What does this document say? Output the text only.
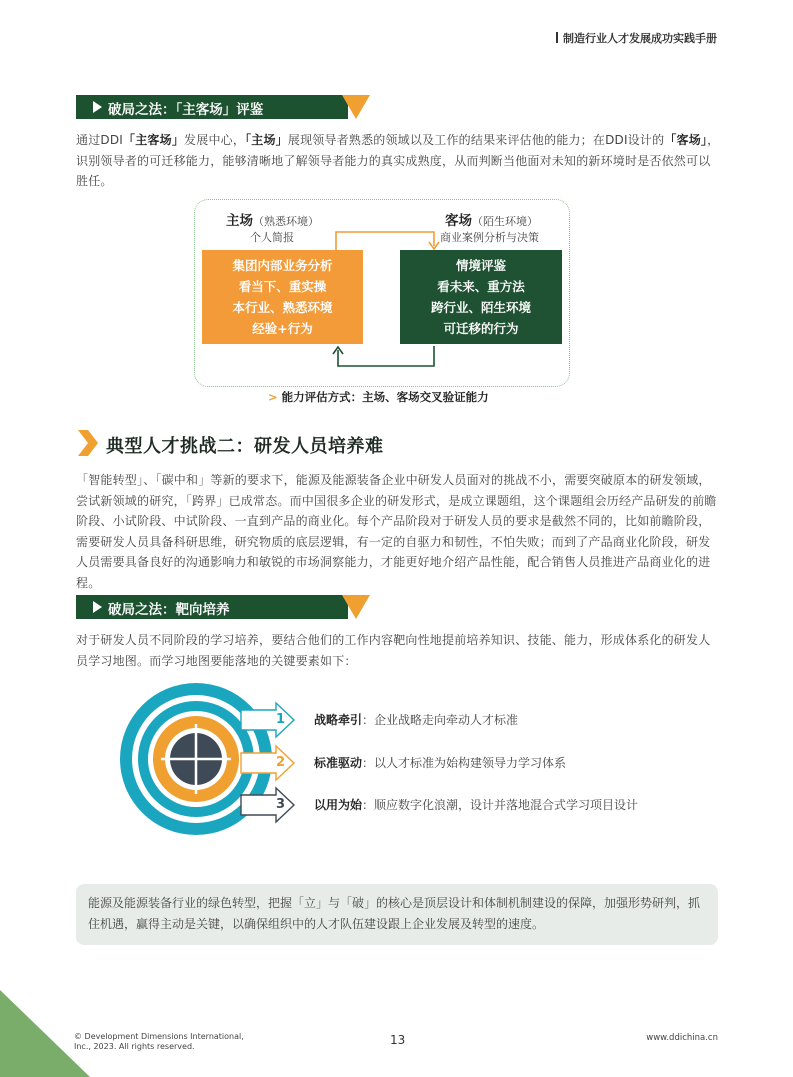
制造行业人才发展成功实践手册
破局之法：「主客场」评鉴
通过DDI「主客场」发展中心，「主场」展现领导者熟悉的领域以及工作的结果来评估他的能力；在DDI设计的「客场」，识别领导者的可迁移能力，能够清晰地了解领导者能力的真实成熟度，从而判断当他面对未知的新环境时是否依然可以胜任。
主场（熟悉环境）
个人简报
客场（陌生环境）
商业案例分析与决策
集团内部业务分析
看当下、重实操
本行业、熟悉环境
经验+行为
情境评鉴
看未来、重方法
跨行业、陌生环境
可迁移的行为
> 能力评估方式：主场、客场交叉验证能力
典型人才挑战二：研发人员培养难
「智能转型」、「碳中和」等新的要求下，能源及能源装备企业中研发人员面对的挑战不小，需要突破原本的研发领域，尝试新领域的研究，「跨界」已成常态。而中国很多企业的研发形式，是成立课题组，这个课题组会历经产品研发的前瞻阶段、小试阶段、中试阶段、一直到产品的商业化。每个产品阶段对于研发人员的要求是截然不同的，比如前瞻阶段，需要研发人员具备科研思维，研究物质的底层逻辑，有一定的自驱力和韧性，不怕失败；而到了产品商业化阶段，研发人员需要具备良好的沟通影响力和敏锐的市场洞察能力，才能更好地介绍产品性能，配合销售人员推进产品商业化的进程。
破局之法：靶向培养
对于研发人员不同阶段的学习培养，要结合他们的工作内容靶向性地提前培养知识、技能、能力，形成体系化的研发人员学习地图。而学习地图要能落地的关键要素如下：
1
2
3
战略牵引：企业战略走向牵动人才标准
标准驱动：以人才标准为始构建领导力学习体系
以用为始：顺应数字化浪潮，设计并落地混合式学习项目设计
能源及能源装备行业的绿色转型，把握「立」与「破」的核心是顶层设计和体制机制建设的保障，加强形势研判，抓住机遇，赢得主动是关键，以确保组织中的人才队伍建设跟上企业发展及转型的速度。
© Development Dimensions International,
Inc., 2023. All rights reserved.	13	www.ddichina.cn
